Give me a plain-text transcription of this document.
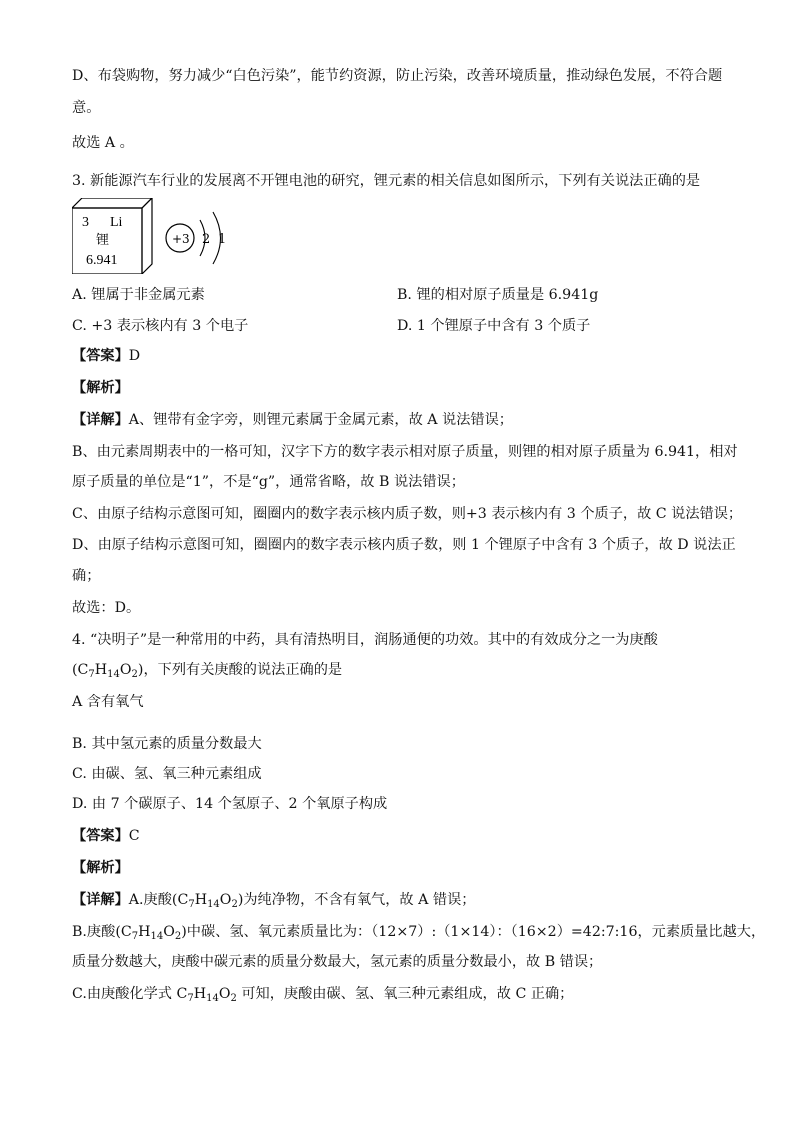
D、布袋购物，努力减少“白色污染”，能节约资源，防止污染，改善环境质量，推动绿色发展，不符合题
意。
故选 A 。
3. 新能源汽车行业的发展离不开锂电池的研究，锂元素的相关信息如图所示，下列有关说法正确的是
3 Li
锂
6.941
+3 2 1
A. 锂属于非金属元素	B. 锂的相对原子质量是 6.941g
C. +3 表示核内有 3 个电子	D. 1 个锂原子中含有 3 个质子
【答案】D
【解析】
【详解】A、锂带有金字旁，则锂元素属于金属元素，故 A 说法错误；
B、由元素周期表中的一格可知，汉字下方的数字表示相对原子质量，则锂的相对原子质量为 6.941，相对
原子质量的单位是“1”，不是“g”，通常省略，故 B 说法错误；
C、由原子结构示意图可知，圈圈内的数字表示核内质子数，则+3 表示核内有 3 个质子，故 C 说法错误；
D、由原子结构示意图可知，圈圈内的数字表示核内质子数，则 1 个锂原子中含有 3 个质子，故 D 说法正
确；
故选：D。
4. “决明子”是一种常用的中药，具有清热明目，润肠通便的功效。其中的有效成分之一为庚酸
$(C_7H_{14}O_2)$，下列有关庚酸的说法正确的是
A 含有氧气
B. 其中氢元素的质量分数最大
C. 由碳、氢、氧三种元素组成
D. 由 7 个碳原子、14 个氢原子、2 个氧原子构成
【答案】C
【解析】
【详解】A.庚酸$(C_7H_{14}O_2)$为纯净物，不含有氧气，故 A 错误；
B.庚酸$(C_7H_{14}O_2)$中碳、氢、氧元素质量比为：（12×7）:（1×14）：（16×2）=42:7:16，元素质量比越大，
质量分数越大，庚酸中碳元素的质量分数最大，氢元素的质量分数最小，故 B 错误；
C.由庚酸化学式 $C_7H_{14}O_2$ 可知，庚酸由碳、氢、氧三种元素组成，故 C 正确；
